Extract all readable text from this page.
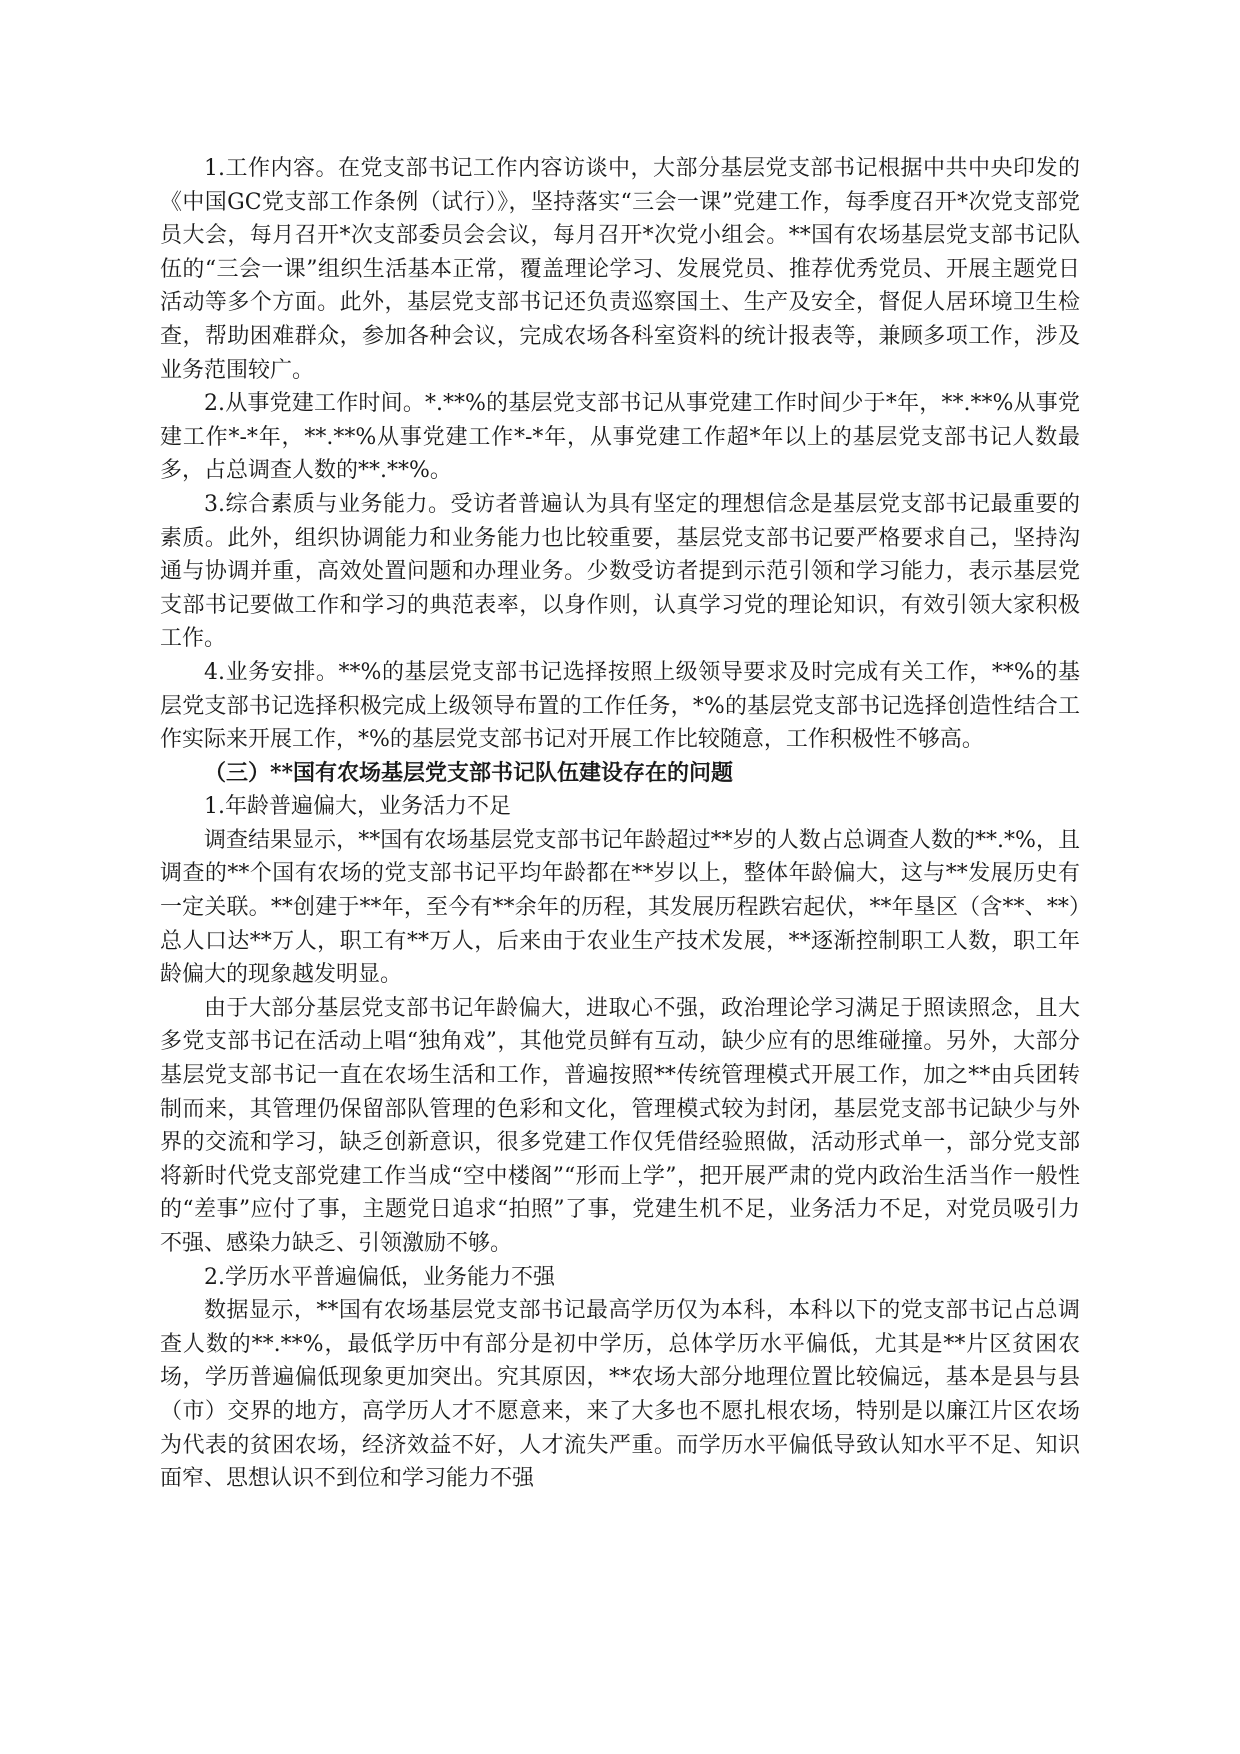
1.工作内容。在党支部书记工作内容访谈中，大部分基层党支部书记根据中共中央印发的《中国GC党支部工作条例（试行）》，坚持落实“三会一课”党建工作，每季度召开*次党支部党员大会，每月召开*次支部委员会会议，每月召开*次党小组会。**国有农场基层党支部书记队伍的“三会一课”组织生活基本正常，覆盖理论学习、发展党员、推荐优秀党员、开展主题党日活动等多个方面。此外，基层党支部书记还负责巡察国土、生产及安全，督促人居环境卫生检查，帮助困难群众，参加各种会议，完成农场各科室资料的统计报表等，兼顾多项工作，涉及业务范围较广。

2.从事党建工作时间。*.**%的基层党支部书记从事党建工作时间少于*年，**.**%从事党建工作*-*年，**.**%从事党建工作*-*年，从事党建工作超*年以上的基层党支部书记人数最多，占总调查人数的**.**%。

3.综合素质与业务能力。受访者普遍认为具有坚定的理想信念是基层党支部书记最重要的素质。此外，组织协调能力和业务能力也比较重要，基层党支部书记要严格要求自己，坚持沟通与协调并重，高效处置问题和办理业务。少数受访者提到示范引领和学习能力，表示基层党支部书记要做工作和学习的典范表率，以身作则，认真学习党的理论知识，有效引领大家积极工作。

4.业务安排。**%的基层党支部书记选择按照上级领导要求及时完成有关工作，**%的基层党支部书记选择积极完成上级领导布置的工作任务，*%的基层党支部书记选择创造性结合工作实际来开展工作，*%的基层党支部书记对开展工作比较随意，工作积极性不够高。

（三）**国有农场基层党支部书记队伍建设存在的问题

1.年龄普遍偏大，业务活力不足

调查结果显示，**国有农场基层党支部书记年龄超过**岁的人数占总调查人数的**.*%，且调查的**个国有农场的党支部书记平均年龄都在**岁以上，整体年龄偏大，这与**发展历史有一定关联。**创建于**年，至今有**余年的历程，其发展历程跌宕起伏，**年垦区（含**、**）总人口达**万人，职工有**万人，后来由于农业生产技术发展，**逐渐控制职工人数，职工年龄偏大的现象越发明显。

由于大部分基层党支部书记年龄偏大，进取心不强，政治理论学习满足于照读照念，且大多党支部书记在活动上唱“独角戏”，其他党员鲜有互动，缺少应有的思维碰撞。另外，大部分基层党支部书记一直在农场生活和工作，普遍按照**传统管理模式开展工作，加之**由兵团转制而来，其管理仍保留部队管理的色彩和文化，管理模式较为封闭，基层党支部书记缺少与外界的交流和学习，缺乏创新意识，很多党建工作仅凭借经验照做，活动形式单一，部分党支部将新时代党支部党建工作当成“空中楼阁”“形而上学”，把开展严肃的党内政治生活当作一般性的“差事”应付了事，主题党日追求“拍照”了事，党建生机不足，业务活力不足，对党员吸引力不强、感染力缺乏、引领激励不够。

2.学历水平普遍偏低，业务能力不强

数据显示，**国有农场基层党支部书记最高学历仅为本科，本科以下的党支部书记占总调查人数的**.**%，最低学历中有部分是初中学历，总体学历水平偏低，尤其是**片区贫困农场，学历普遍偏低现象更加突出。究其原因，**农场大部分地理位置比较偏远，基本是县与县（市）交界的地方，高学历人才不愿意来，来了大多也不愿扎根农场，特别是以廉江片区农场为代表的贫困农场，经济效益不好，人才流失严重。而学历水平偏低导致认知水平不足、知识面窄、思想认识不到位和学习能力不强
